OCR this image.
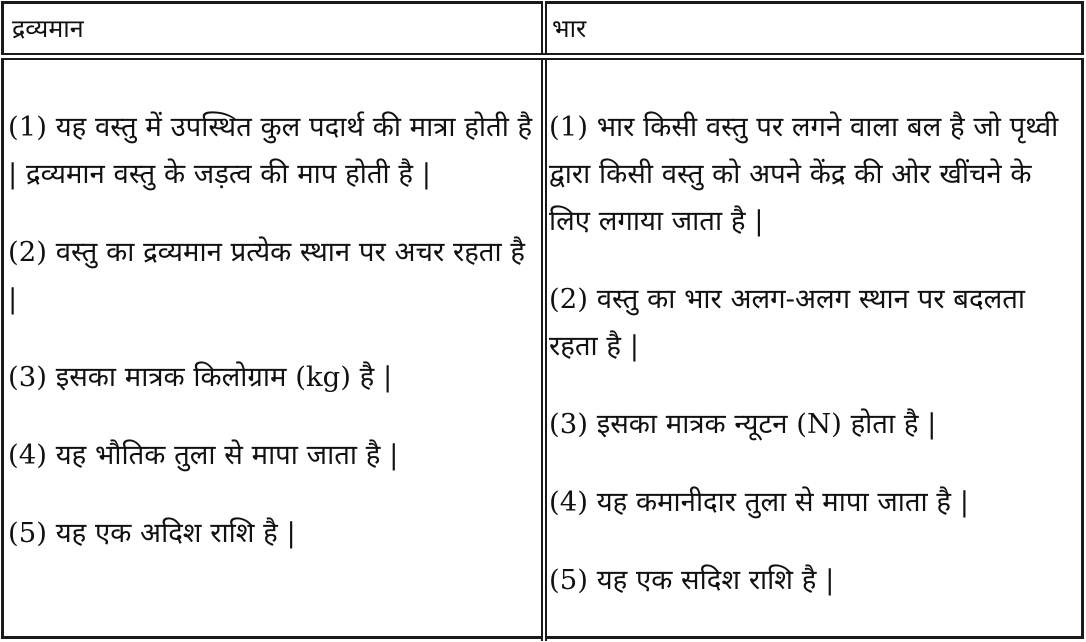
द्रव्यमान	भार

(1) यह वस्तु में उपस्थित कुल पदार्थ की मात्रा होती है | द्रव्यमान वस्तु के जड़त्व की माप होती है |

(2) वस्तु का द्रव्यमान प्रत्येक स्थान पर अचर रहता है |

(3) इसका मात्रक किलोग्राम (kg) है |

(4) यह भौतिक तुला से मापा जाता है |

(5) यह एक अदिश राशि है |

(1) भार किसी वस्तु पर लगने वाला बल है जो पृथ्वी द्वारा किसी वस्तु को अपने केंद्र की ओर खींचने के लिए लगाया जाता है |

(2) वस्तु का भार अलग-अलग स्थान पर बदलता रहता है |

(3) इसका मात्रक न्यूटन (N) होता है |

(4) यह कमानीदार तुला से मापा जाता है |

(5) यह एक सदिश राशि है |
